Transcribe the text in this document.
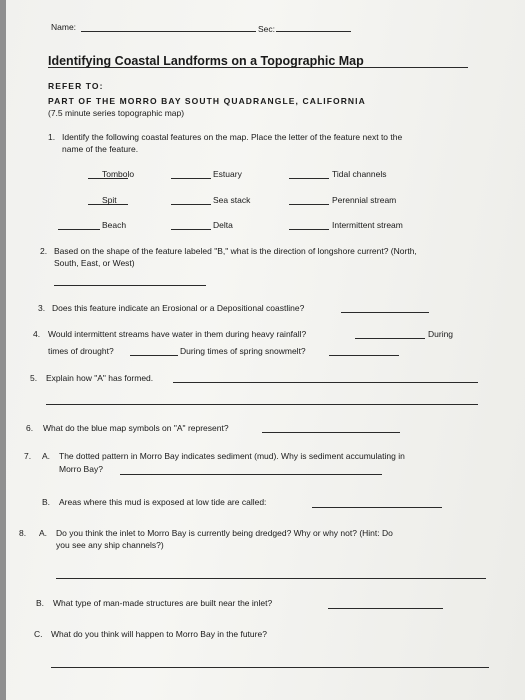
Name:	Sec:
Identifying Coastal Landforms on a Topographic Map
REFER TO:
PART OF THE MORRO BAY SOUTH QUADRANGLE, CALIFORNIA
(7.5 minute series topographic map)
1. Identify the following coastal features on the map. Place the letter of the feature next to the
name of the feature.
Tombolo	Estuary	Tidal channels
Spit	Sea stack	Perennial stream
Beach	Delta	Intermittent stream
2. Based on the shape of the feature labeled "B," what is the direction of longshore current? (North,
South, East, or West)
3. Does this feature indicate an Erosional or a Depositional coastline?
4. Would intermittent streams have water in them during heavy rainfall?	During
times of drought?	During times of spring snowmelt?
5. Explain how "A" has formed.
6. What do the blue map symbols on "A" represent?
7. A. The dotted pattern in Morro Bay indicates sediment (mud). Why is sediment accumulating in
Morro Bay?
B. Areas where this mud is exposed at low tide are called:
8. A. Do you think the inlet to Morro Bay is currently being dredged? Why or why not? (Hint: Do
you see any ship channels?)
B. What type of man-made structures are built near the inlet?
C. What do you think will happen to Morro Bay in the future?
